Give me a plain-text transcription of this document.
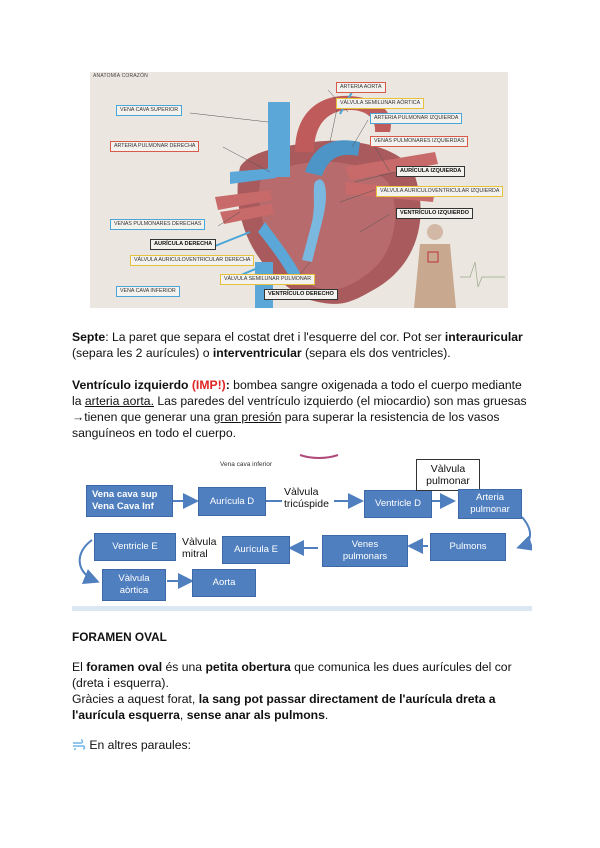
ANATOMÍA CORAZÓN
VENA CAVA SUPERIOR
ARTERIA PULMONAR DERECHA
VENAS PULMONARES DERECHAS
AURÍCULA DERECHA
VÁLVULA AURICULOVENTRICULAR DERECHA
VENA CAVA INFERIOR
ARTERIA AORTA
VÁLVULA SEMILUNAR AÓRTICA
ARTERIA PULMONAR IZQUIERDA
VENAS PULMONARES IZQUIERDAS
AURÍCULA IZQUIERDA
VÁLVULA AURICULOVENTRICULAR IZQUIERDA
VENTRÍCULO IZQUIERDO
VÁLVULA SEMILUNAR PULMONAR
VENTRÍCULO DERECHO
Septe: La paret que separa el costat dret i l'esquerre del cor. Pot ser interauricular (separa les 2 aurícules) o interventricular (separa els dos ventricles).
Ventrículo izquierdo (IMP!): bombea sangre oxigenada a todo el cuerpo mediante la arteria aorta. Las paredes del ventrículo izquierdo (el miocardio) son mas gruesas →tienen que generar una gran presión para superar la resistencia de los vasos sanguíneos en todo el cuerpo.
Vena cava inferior
Vena cava sup
Vena Cava Inf	Aurícula D
Vàlvula
tricúspide	Ventricle D
Vàlvula
pulmonar
Arteria
pulmonar
Pulmons
Venes
pulmonars
Aurícula E
Vàlvula
mitral
Ventricle E
Vàlvula
aòrtica
Aorta
FORAMEN OVAL
El foramen oval és una petita obertura que comunica les dues aurícules del cor (dreta i esquerra).
Gràcies a aquest forat, la sang pot passar directament de l'aurícula dreta a l'aurícula esquerra, sense anar als pulmons.
En altres paraules:
